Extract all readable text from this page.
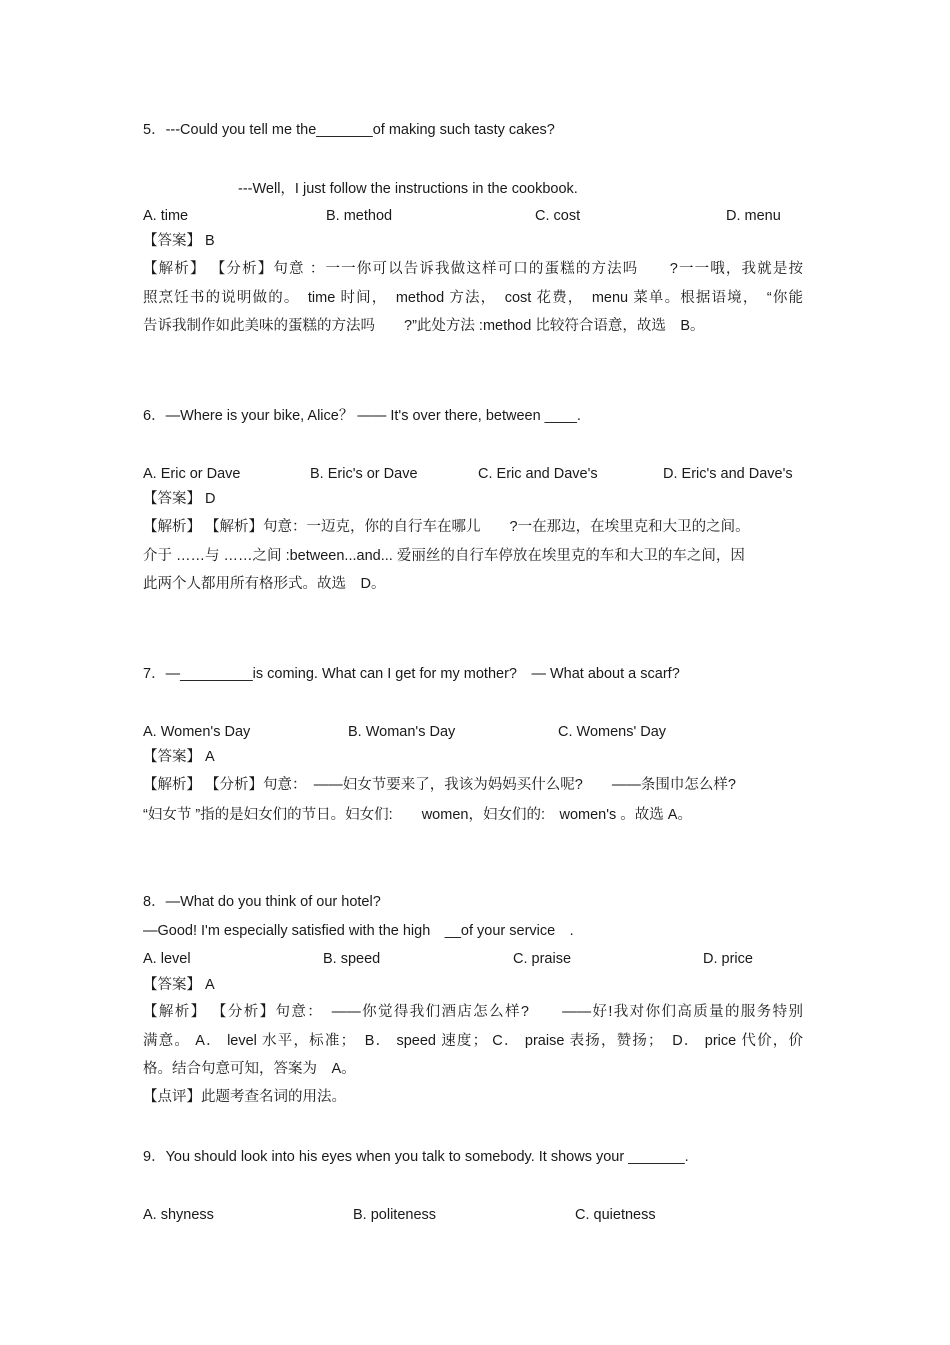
5．---Could you tell me the_______of making such tasty cakes?
---Well，I just follow the instructions in the cookbook.
A. time	B. method	C. cost	D. menu
【答案】 B
【解析】 【分析】句意 ：一一你可以告诉我做这样可口的蛋糕的方法吗　　?一一哦，我就是按
照烹饪书的说明做的。　time 时间，　method 方法，　cost 花费，　menu 菜单。根据语境，　“你能
告诉我制作如此美味的蛋糕的方法吗　　?”此处方法 :method 比较符合语意，故选　B。
6．—Where is your bike, Alice？ —— It's over there, between ____.
A. Eric or Dave	B. Eric's or Dave	C. Eric and Dave's	D. Eric's and Dave's
【答案】 D
【解析】 【解析】句意：一迈克，你的自行车在哪儿　　?一在那边，在埃里克和大卫的之间。
介于 ……与 ……之间 :between...and... 爱丽丝的自行车停放在埃里克的车和大卫的车之间，因
此两个人都用所有格形式。故选　D。
7．—_________is coming. What can I get for my mother?　— What about a scarf?
A. Women's Day	B. Woman's Day	C. Womens' Day
【答案】 A
【解析】 【分析】句意：　——妇女节要来了，我该为妈妈买什么呢?　　——条围巾怎么样?
“妇女节 ”指的是妇女们的节日。妇女们:　　women，妇女们的:　women's 。故选 A。
8．—What do you think of our hotel?
—Good! I'm especially satisfied with the high　__of your service　.
A. level	B. speed	C. praise	D. price
【答案】 A
【解析】 【分析】句意：　——你觉得我们酒店怎么样?　　——好!我对你们高质量的服务特别
满意。 A． level 水平，标准；　B． speed 速度； C． praise 表扬，赞扬；　D． price 代价，价
格。结合句意可知，答案为　A。
【点评】此题考查名词的用法。
9．You should look into his eyes when you talk to somebody. It shows your _______.
A. shyness	B. politeness	C. quietness
